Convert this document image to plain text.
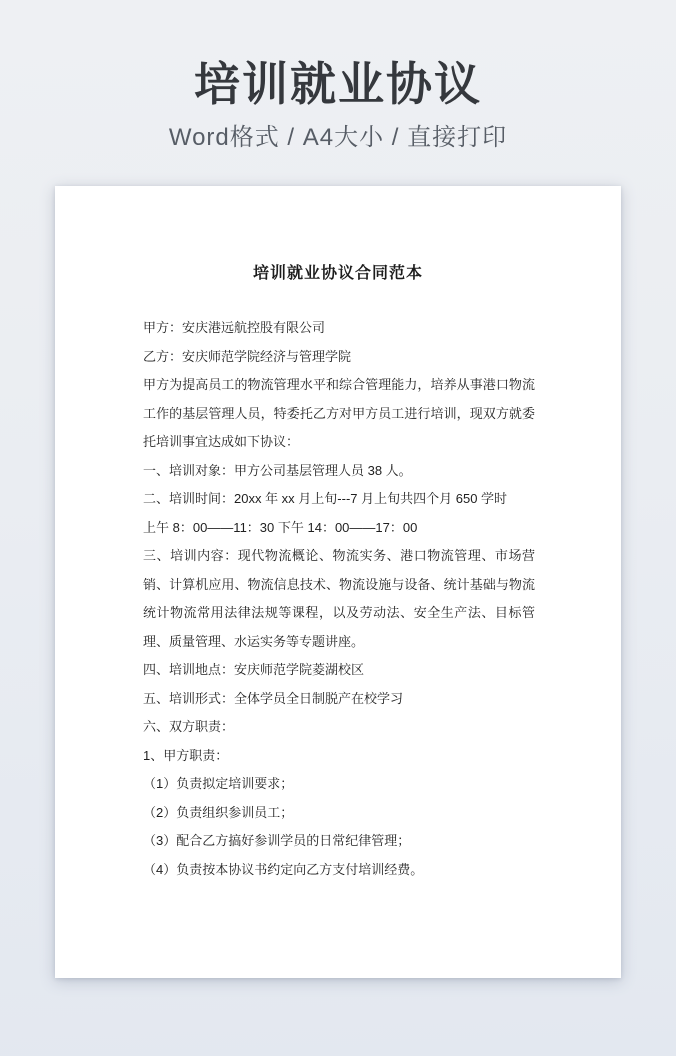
培训就业协议
Word格式 / A4大小 / 直接打印
培训就业协议合同范本

甲方：安庆港远航控股有限公司

乙方：安庆师范学院经济与管理学院

甲方为提高员工的物流管理水平和综合管理能力，培养从事港口物流工作的基层管理人员，特委托乙方对甲方员工进行培训，现双方就委托培训事宜达成如下协议：

一、培训对象：甲方公司基层管理人员 38 人。

二、培训时间：20xx 年 xx 月上旬---7 月上旬共四个月 650 学时

上午 8：00——11：30 下午 14：00——17：00

三、培训内容：现代物流概论、物流实务、港口物流管理、市场营销、计算机应用、物流信息技术、物流设施与设备、统计基础与物流统计物流常用法律法规等课程，以及劳动法、安全生产法、目标管理、质量管理、水运实务等专题讲座。

四、培训地点：安庆师范学院菱湖校区

五、培训形式：全体学员全日制脱产在校学习

六、双方职责：

1、甲方职责：

（1）负责拟定培训要求；

（2）负责组织参训员工；

（3）配合乙方搞好参训学员的日常纪律管理；

（4）负责按本协议书约定向乙方支付培训经费。
